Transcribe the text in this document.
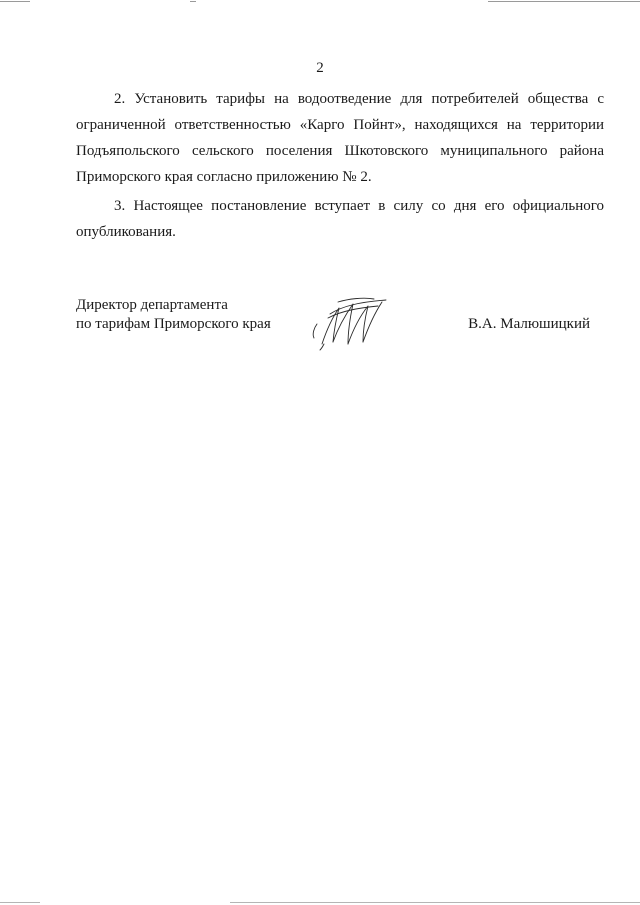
2

2. Установить тарифы на водоотведение для потребителей общества с ограниченной ответственностью «Карго Пойнт», находящихся на территории Подъяпольского сельского поселения Шкотовского муниципального района Приморского края согласно приложению № 2.

3. Настоящее постановление вступает в силу со дня его официального опубликования.

Директор департамента
по тарифам Приморского края	В.А. Малюшицкий
